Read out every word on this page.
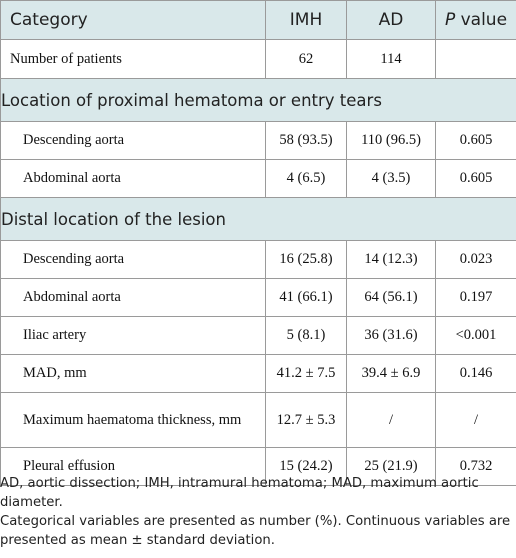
Category	IMH	AD	P value
Number of patients	62	114	
Location of proximal hematoma or entry tears			
Descending aorta	58 (93.5)	110 (96.5)	0.605
Abdominal aorta	4 (6.5)	4 (3.5)	0.605
Distal location of the lesion			
Descending aorta	16 (25.8)	14 (12.3)	0.023
Abdominal aorta	41 (66.1)	64 (56.1)	0.197
Iliac artery	5 (8.1)	36 (31.6)	<0.001
MAD, mm	41.2 ± 7.5	39.4 ± 6.9	0.146
Maximum haematoma thickness, mm	12.7 ± 5.3	/	/
Pleural effusion	15 (24.2)	25 (21.9)	0.732

AD, aortic dissection; IMH, intramural hematoma; MAD, maximum aortic diameter.

Categorical variables are presented as number (%). Continuous variables are presented as mean ± standard deviation.
